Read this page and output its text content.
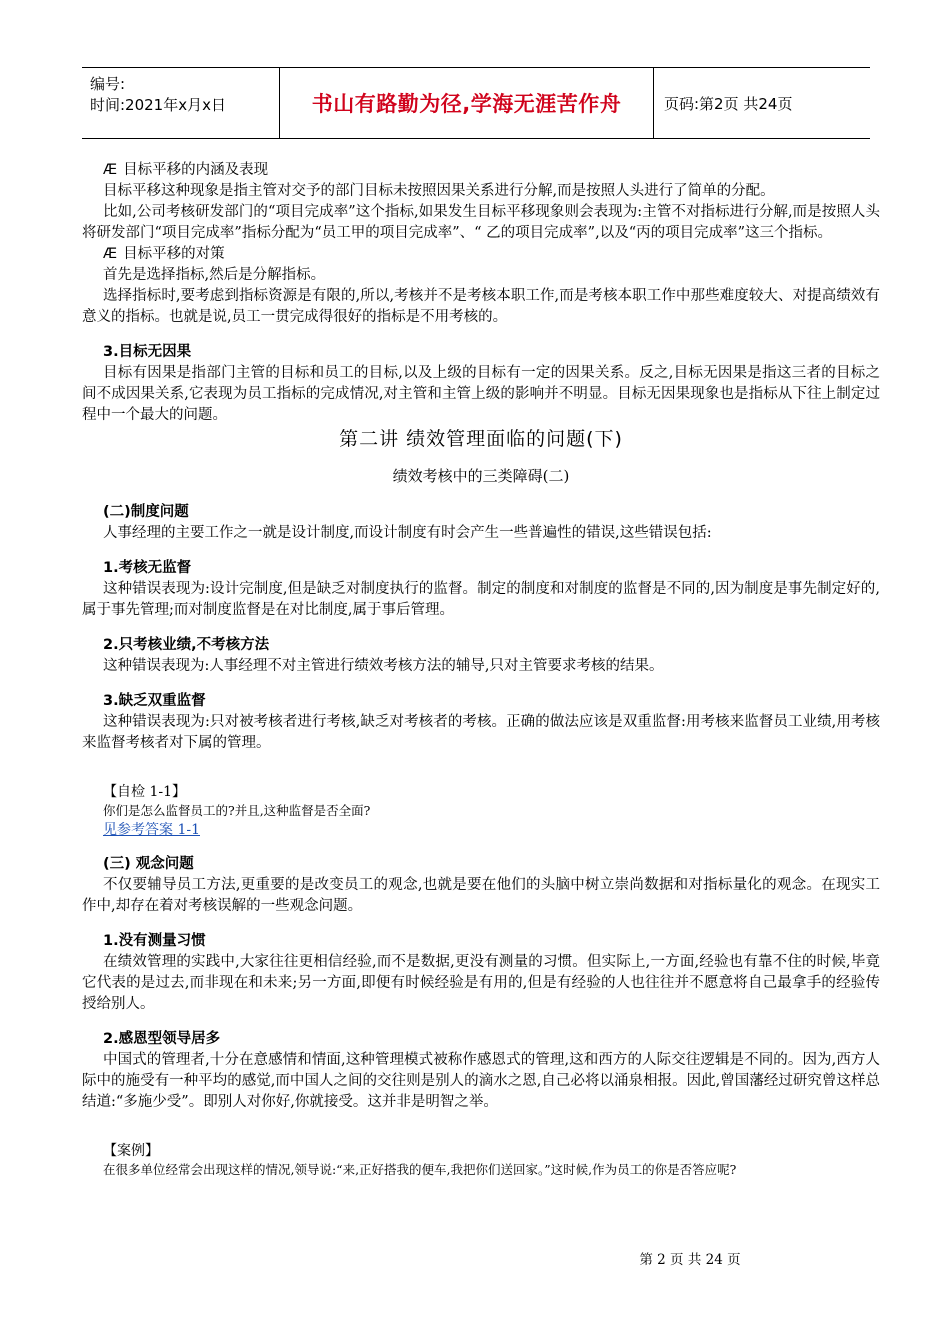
编号:
时间:2021年x月x日	书山有路勤为径,学海无涯苦作舟	页码:第2页 共24页

Æ 目标平移的内涵及表现

目标平移这种现象是指主管对交予的部门目标未按照因果关系进行分解,而是按照人头进行了简单的分配。

比如,公司考核研发部门的“项目完成率”这个指标,如果发生目标平移现象则会表现为:主管不对指标进行分解,而是按照人头将研发部门“项目完成率”指标分配为“员工甲的项目完成率”、“ 乙的项目完成率”,以及“丙的项目完成率”这三个指标。

Æ 目标平移的对策

首先是选择指标,然后是分解指标。

选择指标时,要考虑到指标资源是有限的,所以,考核并不是考核本职工作,而是考核本职工作中那些难度较大、对提高绩效有意义的指标。也就是说,员工一贯完成得很好的指标是不用考核的。

3.目标无因果

目标有因果是指部门主管的目标和员工的目标,以及上级的目标有一定的因果关系。反之,目标无因果是指这三者的目标之间不成因果关系,它表现为员工指标的完成情况,对主管和主管上级的影响并不明显。目标无因果现象也是指标从下往上制定过程中一个最大的问题。

第二讲 绩效管理面临的问题(下)
绩效考核中的三类障碍(二)
(二)制度问题

人事经理的主要工作之一就是设计制度,而设计制度有时会产生一些普遍性的错误,这些错误包括:

1.考核无监督

这种错误表现为:设计完制度,但是缺乏对制度执行的监督。制定的制度和对制度的监督是不同的,因为制度是事先制定好的,属于事先管理;而对制度监督是在对比制度,属于事后管理。

2.只考核业绩,不考核方法

这种错误表现为:人事经理不对主管进行绩效考核方法的辅导,只对主管要求考核的结果。

3.缺乏双重监督

这种错误表现为:只对被考核者进行考核,缺乏对考核者的考核。正确的做法应该是双重监督:用考核来监督员工业绩,用考核来监督考核者对下属的管理。

【自检 1-1】

你们是怎么监督员工的?并且,这种监督是否全面?

见参考答案 1-1
(三) 观念问题

不仅要辅导员工方法,更重要的是改变员工的观念,也就是要在他们的头脑中树立崇尚数据和对指标量化的观念。在现实工作中,却存在着对考核误解的一些观念问题。

1.没有测量习惯

在绩效管理的实践中,大家往往更相信经验,而不是数据,更没有测量的习惯。但实际上,一方面,经验也有靠不住的时候,毕竟它代表的是过去,而非现在和未来;另一方面,即便有时候经验是有用的,但是有经验的人也往往并不愿意将自己最拿手的经验传授给别人。

2.感恩型领导居多

中国式的管理者,十分在意感情和情面,这种管理模式被称作感恩式的管理,这和西方的人际交往逻辑是不同的。因为,西方人际中的施受有一种平均的感觉,而中国人之间的交往则是别人的滴水之恩,自己必将以涌泉相报。因此,曾国藩经过研究曾这样总结道:“多施少受”。即别人对你好,你就接受。这并非是明智之举。

【案例】

在很多单位经常会出现这样的情况,领导说:“来,正好搭我的便车,我把你们送回家。”这时候,作为员工的你是否答应呢?

第 2 页 共 24 页
